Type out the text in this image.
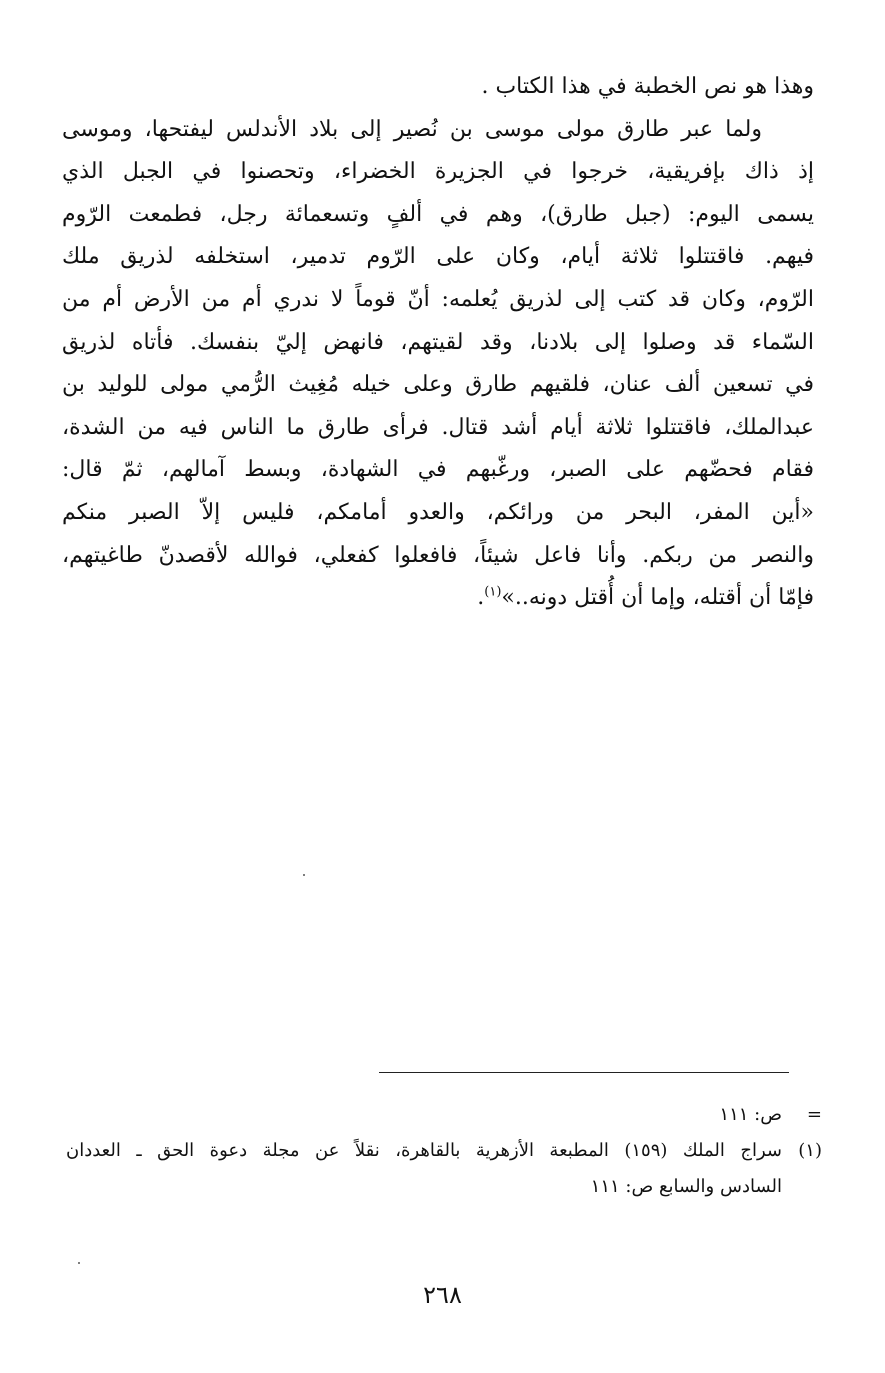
وهذا هو نص الخطبة في هذا الكتاب .
ولما عبر طارق مولى موسى بن نُصير إلى بلاد الأندلس ليفتحها، وموسى
إذ ذاك بإفريقية، خرجوا في الجزيرة الخضراء، وتحصنوا في الجبل الذي
يسمى اليوم: (جبل طارق)، وهم في ألفٍ وتسعمائة رجل، فطمعت الرّوم
فيهم. فاقتتلوا ثلاثة أيام، وكان على الرّوم تدمير، استخلفه لذريق ملك
الرّوم، وكان قد كتب إلى لذريق يُعلمه: أنّ قوماً لا ندري أم من الأرض أم من
السّماء قد وصلوا إلى بلادنا، وقد لقيتهم، فانهض إليّ بنفسك. فأتاه لذريق
في تسعين ألف عنان، فلقيهم طارق وعلى خيله مُغِيث الرُّمي مولى للوليد بن
عبدالملك، فاقتتلوا ثلاثة أيام أشد قتال. فرأى طارق ما الناس فيه من الشدة،
فقام فحضّهم على الصبر، ورغّبهم في الشهادة، وبسط آمالهم، ثمّ قال:
«أين المفر، البحر من ورائكم، والعدو أمامكم، فليس إلاّ الصبر منكم
والنصر من ربكم. وأنا فاعل شيئاً، فافعلوا كفعلي، فوالله لأقصدنّ طاغيتهم،
فإمّا أن أقتله، وإما أن أُقتل دونه..»$^{(١)}$.
=
ص: ١١١
(١)
سراج الملك (١٥٩) المطبعة الأزهرية بالقاهرة، نقلاً عن مجلة دعوة الحق ـ العددان
السادس والسابع ص: ١١١
٢٦٨
